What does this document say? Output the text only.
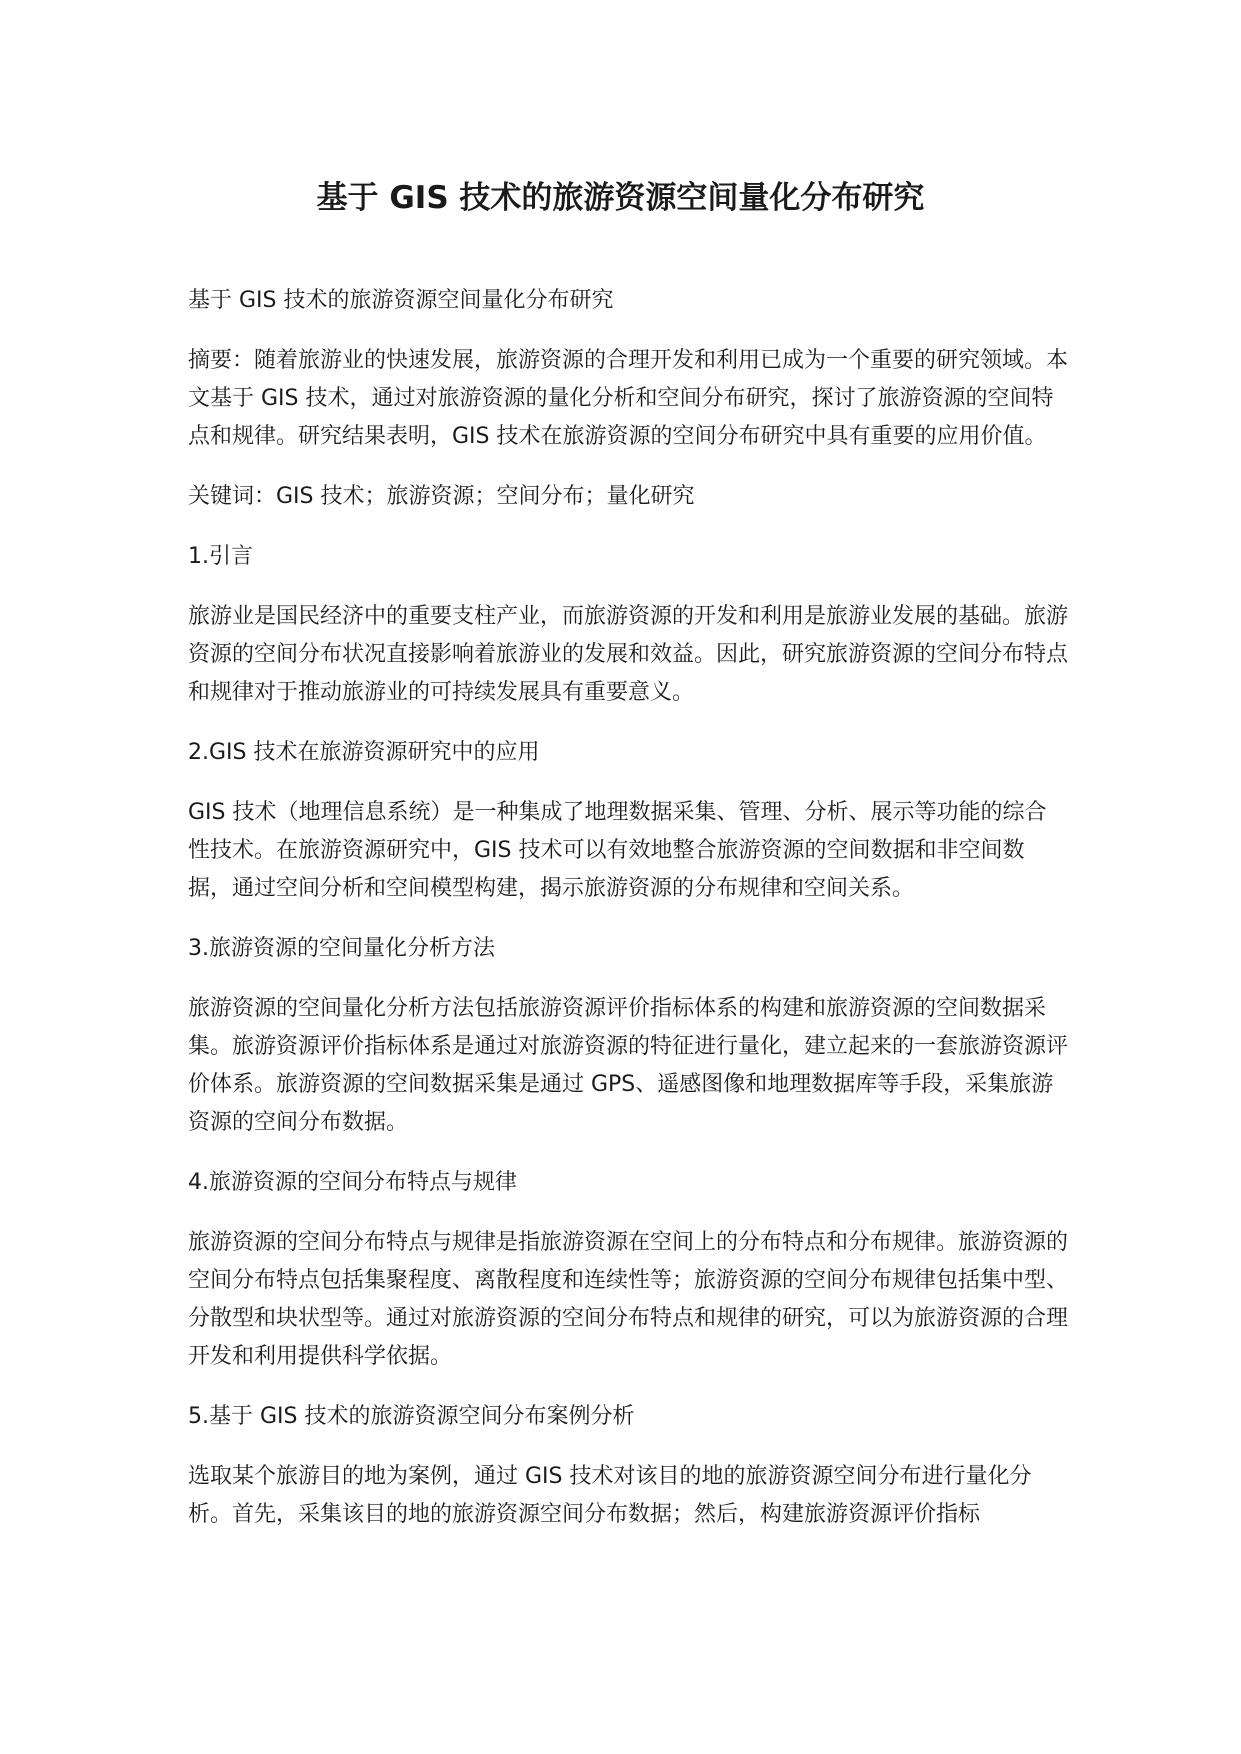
基于 GIS 技术的旅游资源空间量化分布研究

基于 GIS 技术的旅游资源空间量化分布研究

摘要：随着旅游业的快速发展，旅游资源的合理开发和利用已成为一个重要的研究领域。本文基于 GIS 技术，通过对旅游资源的量化分析和空间分布研究，探讨了旅游资源的空间特点和规律。研究结果表明，GIS 技术在旅游资源的空间分布研究中具有重要的应用价值。

关键词：GIS 技术；旅游资源；空间分布；量化研究

1.引言

旅游业是国民经济中的重要支柱产业，而旅游资源的开发和利用是旅游业发展的基础。旅游资源的空间分布状况直接影响着旅游业的发展和效益。因此，研究旅游资源的空间分布特点和规律对于推动旅游业的可持续发展具有重要意义。

2.GIS 技术在旅游资源研究中的应用

GIS 技术（地理信息系统）是一种集成了地理数据采集、管理、分析、展示等功能的综合性技术。在旅游资源研究中，GIS 技术可以有效地整合旅游资源的空间数据和非空间数据，通过空间分析和空间模型构建，揭示旅游资源的分布规律和空间关系。

3.旅游资源的空间量化分析方法

旅游资源的空间量化分析方法包括旅游资源评价指标体系的构建和旅游资源的空间数据采集。旅游资源评价指标体系是通过对旅游资源的特征进行量化，建立起来的一套旅游资源评价体系。旅游资源的空间数据采集是通过 GPS、遥感图像和地理数据库等手段，采集旅游资源的空间分布数据。

4.旅游资源的空间分布特点与规律

旅游资源的空间分布特点与规律是指旅游资源在空间上的分布特点和分布规律。旅游资源的空间分布特点包括集聚程度、离散程度和连续性等；旅游资源的空间分布规律包括集中型、分散型和块状型等。通过对旅游资源的空间分布特点和规律的研究，可以为旅游资源的合理开发和利用提供科学依据。

5.基于 GIS 技术的旅游资源空间分布案例分析

选取某个旅游目的地为案例，通过 GIS 技术对该目的地的旅游资源空间分布进行量化分析。首先，采集该目的地的旅游资源空间分布数据；然后，构建旅游资源评价指标
